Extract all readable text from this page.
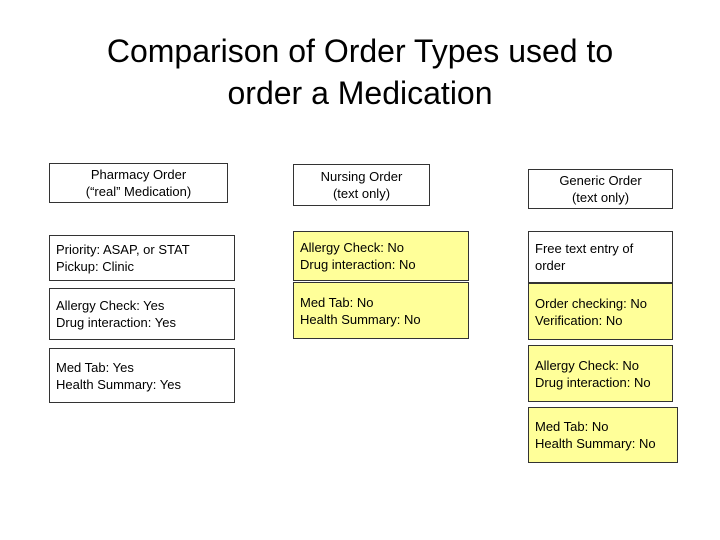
Comparison of Order Types used to
order a Medication
Pharmacy Order
(“real” Medication)
Priority: ASAP, or STAT
Pickup: Clinic
Allergy Check: Yes
Drug interaction: Yes
Med Tab: Yes
Health Summary: Yes
Nursing Order
(text only)
Allergy Check: No
Drug interaction: No
Med Tab: No
Health Summary: No
Generic Order
(text only)
Free text entry of
order
Order checking: No
Verification: No
Allergy Check: No
Drug interaction: No
Med Tab: No
Health Summary: No
